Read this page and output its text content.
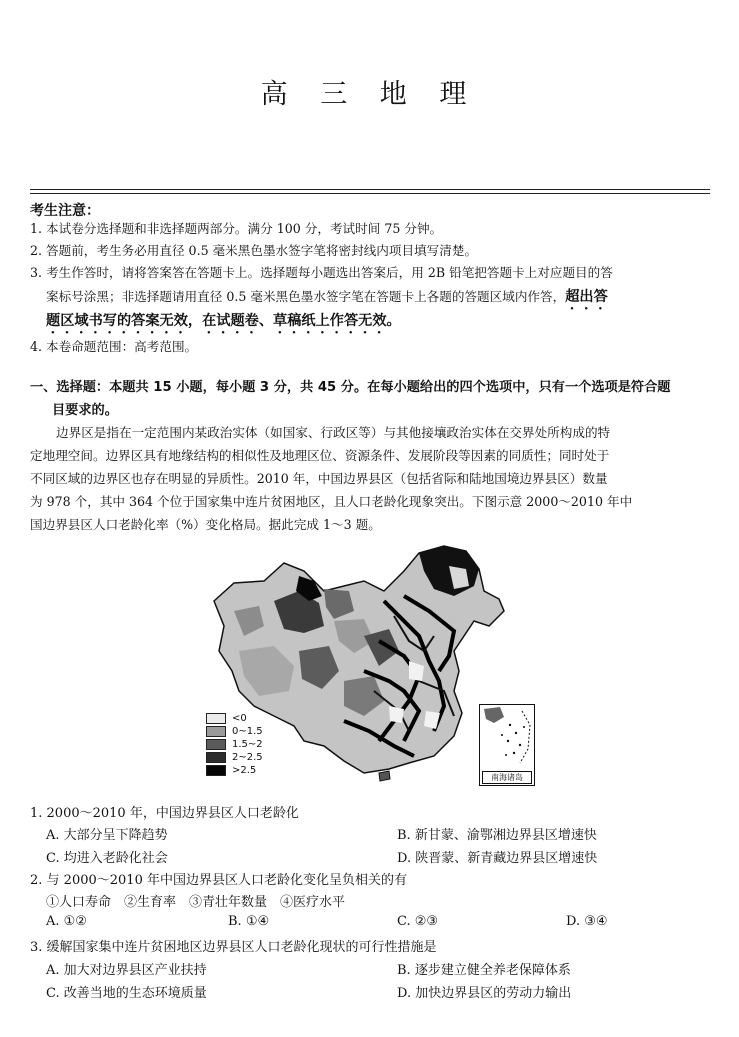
高 三 地 理
考生注意：
1. 本试卷分选择题和非选择题两部分。满分 100 分，考试时间 75 分钟。
2. 答题前，考生务必用直径 0.5 毫米黑色墨水签字笔将密封线内项目填写清楚。
3. 考生作答时，请将答案答在答题卡上。选择题每小题选出答案后，用 2B 铅笔把答题卡上对应题目的答
案标号涂黑；非选择题请用直径 0.5 毫米黑色墨水签字笔在答题卡上各题的答题区域内作答，超出答
题区域书写的答案无效，在试题卷、草稿纸上作答无效。
4. 本卷命题范围：高考范围。
一、选择题：本题共 15 小题，每小题 3 分，共 45 分。在每小题给出的四个选项中，只有一个选项是符合题
目要求的。
边界区是指在一定范围内某政治实体（如国家、行政区等）与其他接壤政治实体在交界处所构成的特
定地理空间。边界区具有地缘结构的相似性及地理区位、资源条件、发展阶段等因素的同质性；同时处于
不同区域的边界区也存在明显的异质性。2010 年，中国边界县区（包括省际和陆地国境边界县区）数量
为 978 个，其中 364 个位于国家集中连片贫困地区，且人口老龄化现象突出。下图示意 2000～2010 年中
国边界县区人口老龄化率（%）变化格局。据此完成 1～3 题。
<0
0~1.5
1.5~2
2~2.5
>2.5
南海诸岛
1. 2000～2010 年，中国边界县区人口老龄化
A. 大部分呈下降趋势	B. 新甘蒙、渝鄂湘边界县区增速快
C. 均进入老龄化社会	D. 陕晋蒙、新青藏边界县区增速快
2. 与 2000～2010 年中国边界县区人口老龄化变化呈负相关的有
①人口寿命　②生育率　③青壮年数量　④医疗水平
A. ①②	B. ①④	C. ②③	D. ③④
3. 缓解国家集中连片贫困地区边界县区人口老龄化现状的可行性措施是
A. 加大对边界县区产业扶持	B. 逐步建立健全养老保障体系
C. 改善当地的生态环境质量	D. 加快边界县区的劳动力输出
